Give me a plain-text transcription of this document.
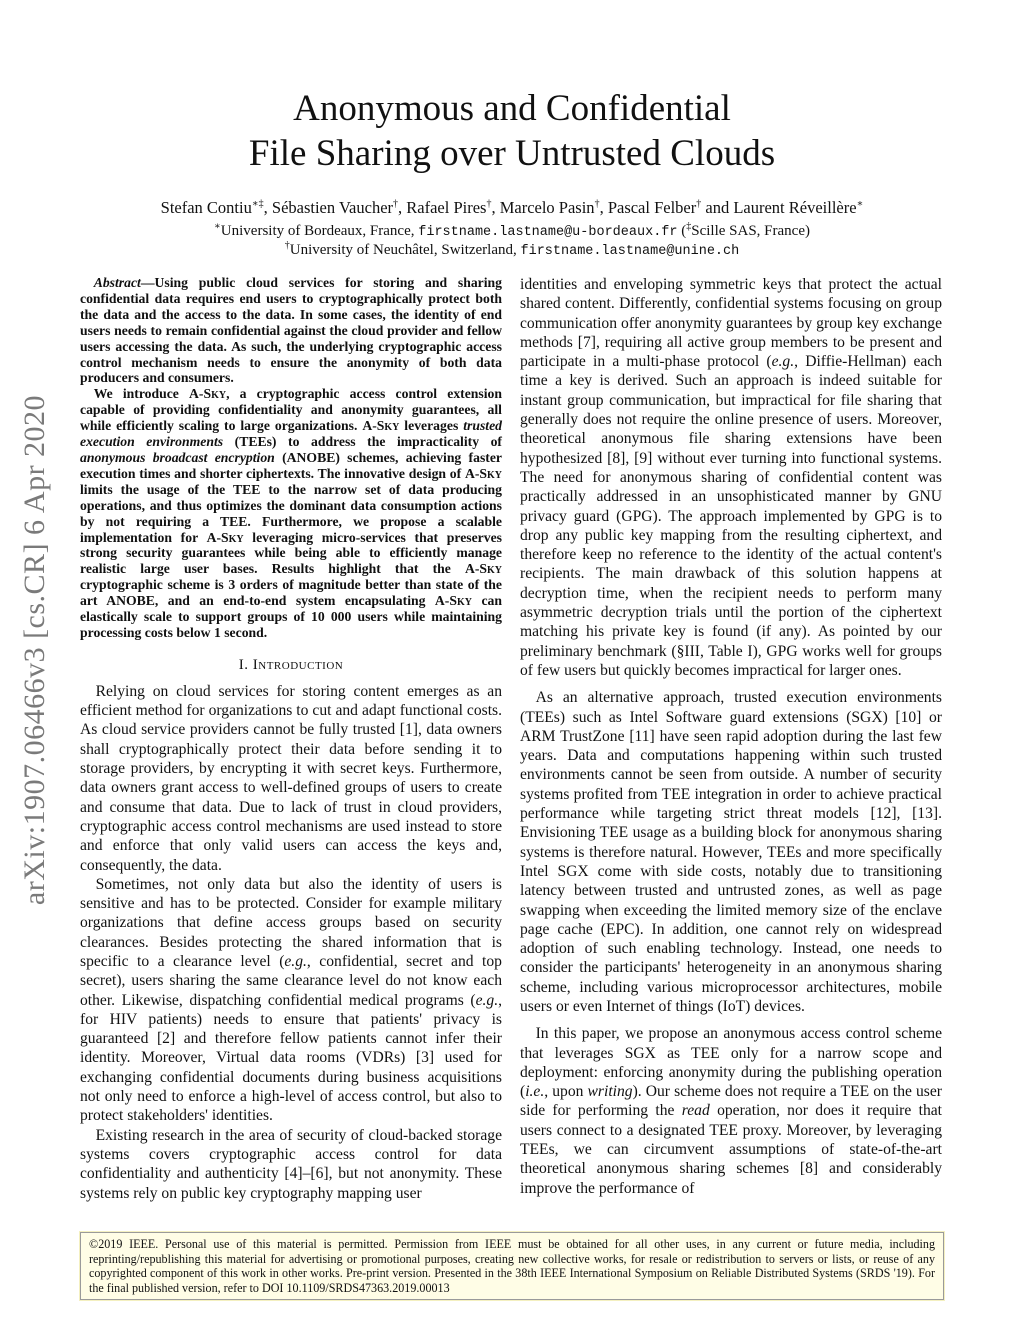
arXiv:1907.06466v3 [cs.CR] 6 Apr 2020
Anonymous and Confidential
File Sharing over Untrusted Clouds
Stefan Contiu∗‡, Sébastien Vaucher†, Rafael Pires†, Marcelo Pasin†, Pascal Felber† and Laurent Réveillère∗
∗University of Bordeaux, France, firstname.lastname@u-bordeaux.fr (‡Scille SAS, France)
†University of Neuchâtel, Switzerland, firstname.lastname@unine.ch

Abstract—Using public cloud services for storing and sharing confidential data requires end users to cryptographically protect both the data and the access to the data. In some cases, the identity of end users needs to remain confidential against the cloud provider and fellow users accessing the data. As such, the underlying cryptographic access control mechanism needs to ensure the anonymity of both data producers and consumers.

We introduce A-Sky, a cryptographic access control extension capable of providing confidentiality and anonymity guarantees, all while efficiently scaling to large organizations. A-Sky leverages trusted execution environments (TEEs) to address the impracticality of anonymous broadcast encryption (ANOBE) schemes, achieving faster execution times and shorter ciphertexts. The innovative design of A-Sky limits the usage of the TEE to the narrow set of data producing operations, and thus optimizes the dominant data consumption actions by not requiring a TEE. Furthermore, we propose a scalable implementation for A-Sky leveraging micro-services that preserves strong security guarantees while being able to efficiently manage realistic large user bases. Results highlight that the A-Sky cryptographic scheme is 3 orders of magnitude better than state of the art ANOBE, and an end-to-end system encapsulating A-Sky can elastically scale to support groups of 10 000 users while maintaining processing costs below 1 second.

I. Introduction

Relying on cloud services for storing content emerges as an efficient method for organizations to cut and adapt functional costs. As cloud service providers cannot be fully trusted [1], data owners shall cryptographically protect their data before sending it to storage providers, by encrypting it with secret keys. Furthermore, data owners grant access to well-defined groups of users to create and consume that data. Due to lack of trust in cloud providers, cryptographic access control mechanisms are used instead to store and enforce that only valid users can access the keys and, consequently, the data.

Sometimes, not only data but also the identity of users is sensitive and has to be protected. Consider for example military organizations that define access groups based on security clearances. Besides protecting the shared information that is specific to a clearance level (e.g., confidential, secret and top secret), users sharing the same clearance level do not know each other. Likewise, dispatching confidential medical programs (e.g., for HIV patients) needs to ensure that patients' privacy is guaranteed [2] and therefore fellow patients cannot infer their identity. Moreover, Virtual data rooms (VDRs) [3] used for exchanging confidential documents during business acquisitions not only need to enforce a high-level of access control, but also to protect stakeholders' identities.

Existing research in the area of security of cloud-backed storage systems covers cryptographic access control for data confidentiality and authenticity [4]–[6], but not anonymity. These systems rely on public key cryptography mapping user

identities and enveloping symmetric keys that protect the actual shared content. Differently, confidential systems focusing on group communication offer anonymity guarantees by group key exchange methods [7], requiring all active group members to be present and participate in a multi-phase protocol (e.g., Diffie-Hellman) each time a key is derived. Such an approach is indeed suitable for instant group communication, but impractical for file sharing that generally does not require the online presence of users. Moreover, theoretical anonymous file sharing extensions have been hypothesized [8], [9] without ever turning into functional systems. The need for anonymous sharing of confidential content was practically addressed in an unsophisticated manner by GNU privacy guard (GPG). The approach implemented by GPG is to drop any public key mapping from the resulting ciphertext, and therefore keep no reference to the identity of the actual content's recipients. The main drawback of this solution happens at decryption time, when the recipient needs to perform many asymmetric decryption trials until the portion of the ciphertext matching his private key is found (if any). As pointed by our preliminary benchmark (§III, Table I), GPG works well for groups of few users but quickly becomes impractical for larger ones.

As an alternative approach, trusted execution environments (TEEs) such as Intel Software guard extensions (SGX) [10] or ARM TrustZone [11] have seen rapid adoption during the last few years. Data and computations happening within such trusted environments cannot be seen from outside. A number of security systems profited from TEE integration in order to achieve practical performance while targeting strict threat models [12], [13]. Envisioning TEE usage as a building block for anonymous sharing systems is therefore natural. However, TEEs and more specifically Intel SGX come with side costs, notably due to transitioning latency between trusted and untrusted zones, as well as page swapping when exceeding the limited memory size of the enclave page cache (EPC). In addition, one cannot rely on widespread adoption of such enabling technology. Instead, one needs to consider the participants' heterogeneity in an anonymous sharing scheme, including various microprocessor architectures, mobile users or even Internet of things (IoT) devices.

In this paper, we propose an anonymous access control scheme that leverages SGX as TEE only for a narrow scope and deployment: enforcing anonymity during the publishing operation (i.e., upon writing). Our scheme does not require a TEE on the user side for performing the read operation, nor does it require that users connect to a designated TEE proxy. Moreover, by leveraging TEEs, we can circumvent assumptions of state-of-the-art theoretical anonymous sharing schemes [8] and considerably improve the performance of

©2019 IEEE. Personal use of this material is permitted. Permission from IEEE must be obtained for all other uses, in any current or future media, including reprinting/republishing this material for advertising or promotional purposes, creating new collective works, for resale or redistribution to servers or lists, or reuse of any copyrighted component of this work in other works. Pre-print version. Presented in the 38th IEEE International Symposium on Reliable Distributed Systems (SRDS '19). For the final published version, refer to DOI 10.1109/SRDS47363.2019.00013
